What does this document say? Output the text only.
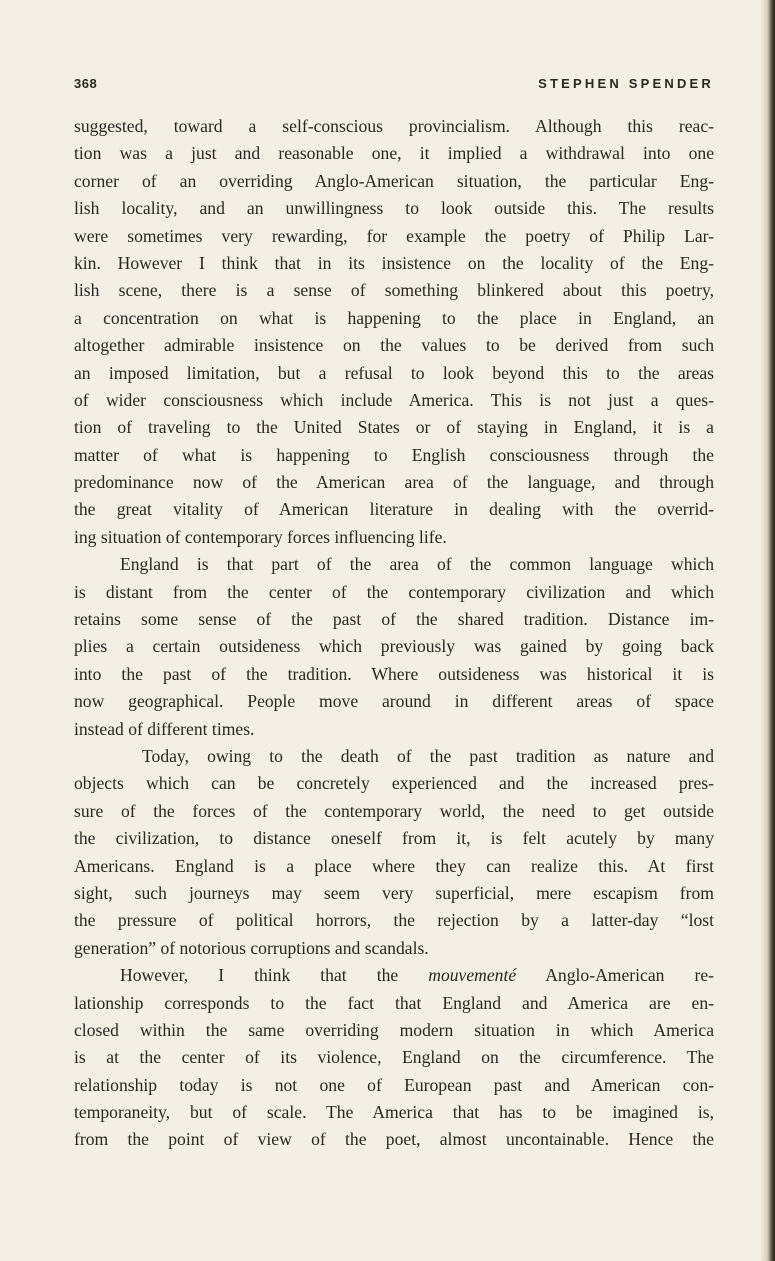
368	STEPHEN SPENDER
suggested, toward a self-conscious provincialism. Although this reac-
tion was a just and reasonable one, it implied a withdrawal into one
corner of an overriding Anglo-American situation, the particular Eng-
lish locality, and an unwillingness to look outside this. The results
were sometimes very rewarding, for example the poetry of Philip Lar-
kin. However I think that in its insistence on the locality of the Eng-
lish scene, there is a sense of something blinkered about this poetry,
a concentration on what is happening to the place in England, an
altogether admirable insistence on the values to be derived from such
an imposed limitation, but a refusal to look beyond this to the areas
of wider consciousness which include America. This is not just a ques-
tion of traveling to the United States or of staying in England, it is a
matter of what is happening to English consciousness through the
predominance now of the American area of the language, and through
the great vitality of American literature in dealing with the overrid-
ing situation of contemporary forces influencing life.
England is that part of the area of the common language which
is distant from the center of the contemporary civilization and which
retains some sense of the past of the shared tradition. Distance im-
plies a certain outsideness which previously was gained by going back
into the past of the tradition. Where outsideness was historical it is
now geographical. People move around in different areas of space
instead of different times.
Today, owing to the death of the past tradition as nature and
objects which can be concretely experienced and the increased pres-
sure of the forces of the contemporary world, the need to get outside
the civilization, to distance oneself from it, is felt acutely by many
Americans. England is a place where they can realize this. At first
sight, such journeys may seem very superficial, mere escapism from
the pressure of political horrors, the rejection by a latter-day “lost
generation” of notorious corruptions and scandals.
However, I think that the mouvementé Anglo-American re-
lationship corresponds to the fact that England and America are en-
closed within the same overriding modern situation in which America
is at the center of its violence, England on the circumference. The
relationship today is not one of European past and American con-
temporaneity, but of scale. The America that has to be imagined is,
from the point of view of the poet, almost uncontainable. Hence the
